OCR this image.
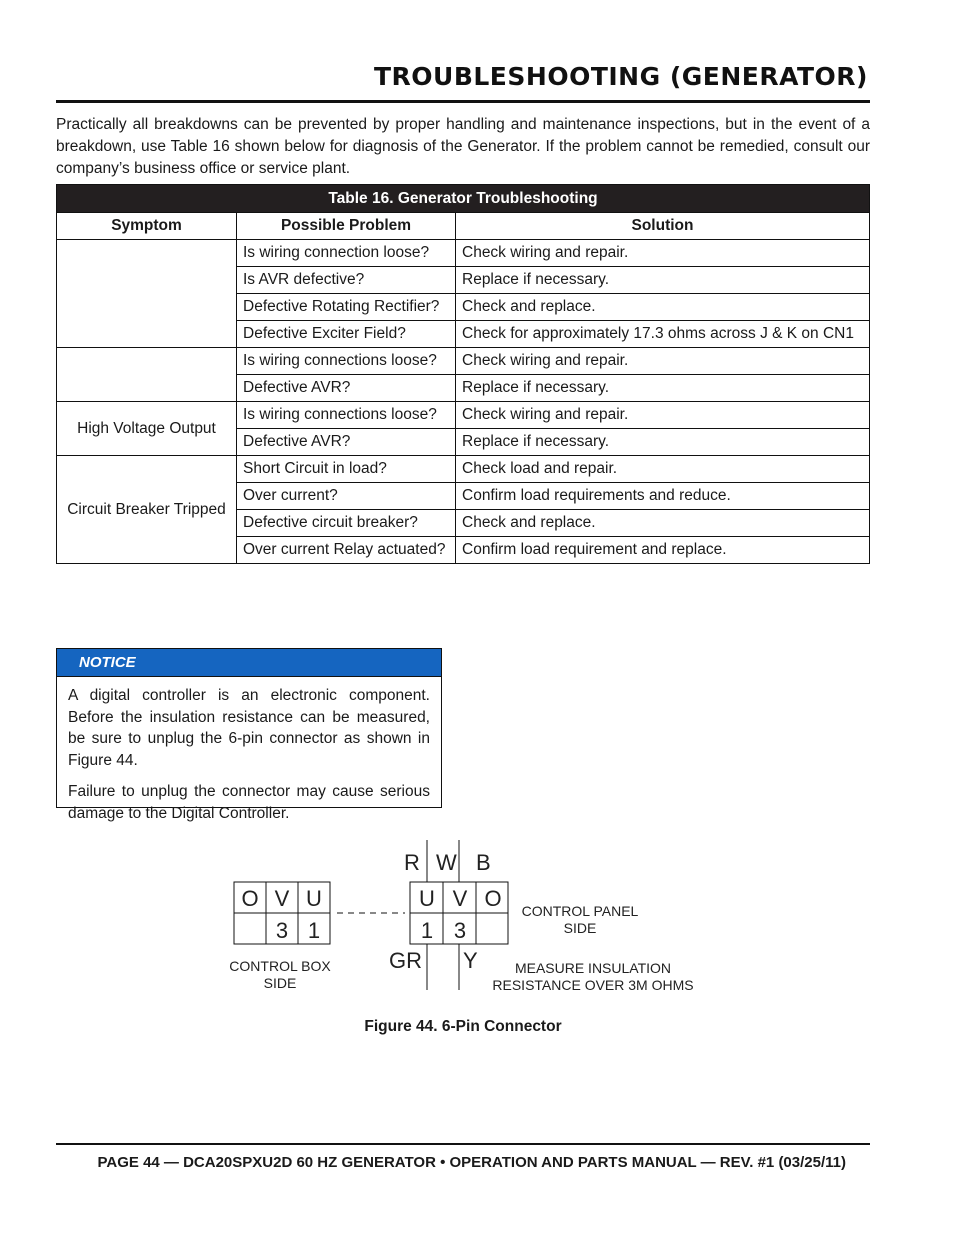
TROUBLESHOOTING (GENERATOR)
Practically all breakdowns can be prevented by proper handling and maintenance inspections, but in the event of a breakdown, use Table 16 shown below for diagnosis of the Generator. If the problem cannot be remedied, consult our company’s business office or service plant.
Table 16. Generator Troubleshooting		
Symptom	Possible Problem	Solution
	Is wiring connection loose?	Check wiring and repair.
	Is AVR defective?	Replace if necessary.
	Defective Rotating Rectifier?	Check and replace.
	Defective Exciter Field?	Check for approximately 17.3 ohms across J & K on CN1
	Is wiring connections loose?	Check wiring and repair.
	Defective AVR?	Replace if necessary.
High Voltage Output	Is wiring connections loose?	Check wiring and repair.
	Defective AVR?	Replace if necessary.
Circuit Breaker Tripped	Short Circuit in load?	Check load and repair.
	Over current?	Confirm load requirements and reduce.
	Defective circuit breaker?	Check and replace.
	Over current Relay actuated?	Confirm load requirement and replace.
NOTICE

A digital controller is an electronic component. Before the insulation resistance can be measured, be sure to unplug the 6-pin connector as shown in Figure 44.

Failure to unplug the connector may cause serious damage to the Digital Controller.

O V U
3 1
U V O
1 3
R W B
GR Y
CONTROL BOX
SIDE
CONTROL PANEL
SIDE
MEASURE INSULATION
RESISTANCE OVER 3M OHMS
Figure 44. 6-Pin Connector
PAGE 44 — DCA20SPXU2D 60 HZ GENERATOR • OPERATION AND PARTS MANUAL — REV. #1 (03/25/11)
